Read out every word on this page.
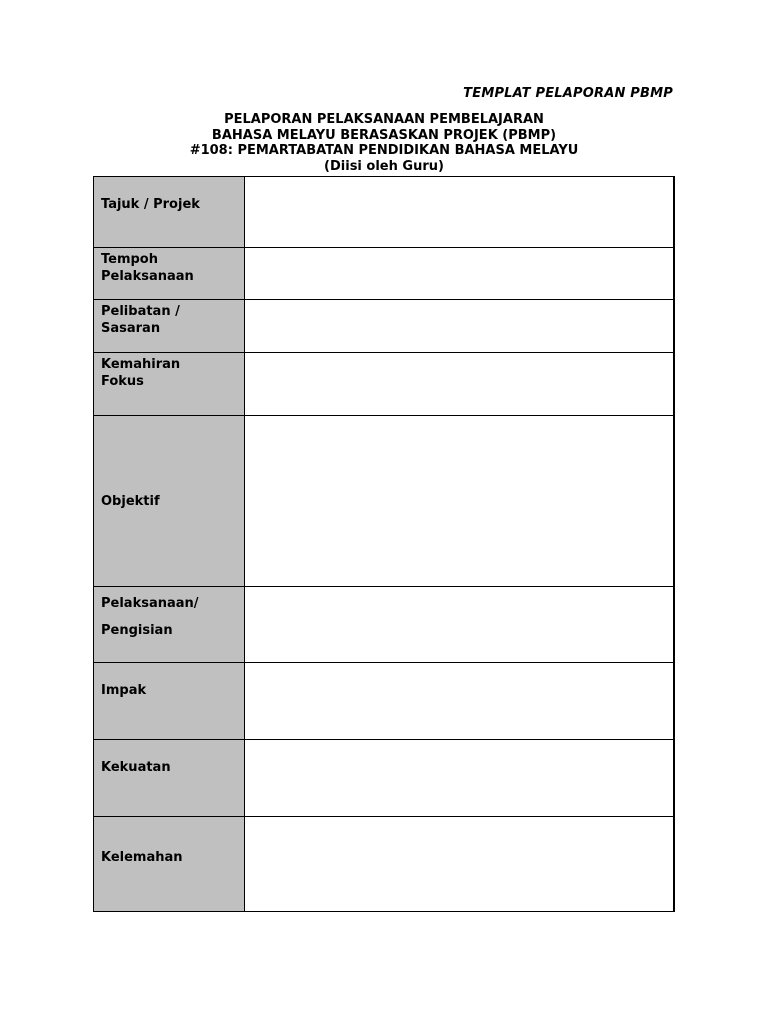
TEMPLAT PELAPORAN PBMP
PELAPORAN PELAKSANAAN PEMBELAJARAN
BAHASA MELAYU BERASASKAN PROJEK (PBMP)
#108: PEMARTABATAN PENDIDIKAN BAHASA MELAYU
(Diisi oleh Guru)
Tajuk / Projek	

Tempoh
Pelaksanaan	

Pelibatan /
Sasaran	

Kemahiran
Fokus	

Objektif	

Pelaksanaan/
Pengisian	

Impak	

Kekuatan	

Kelemahan	
